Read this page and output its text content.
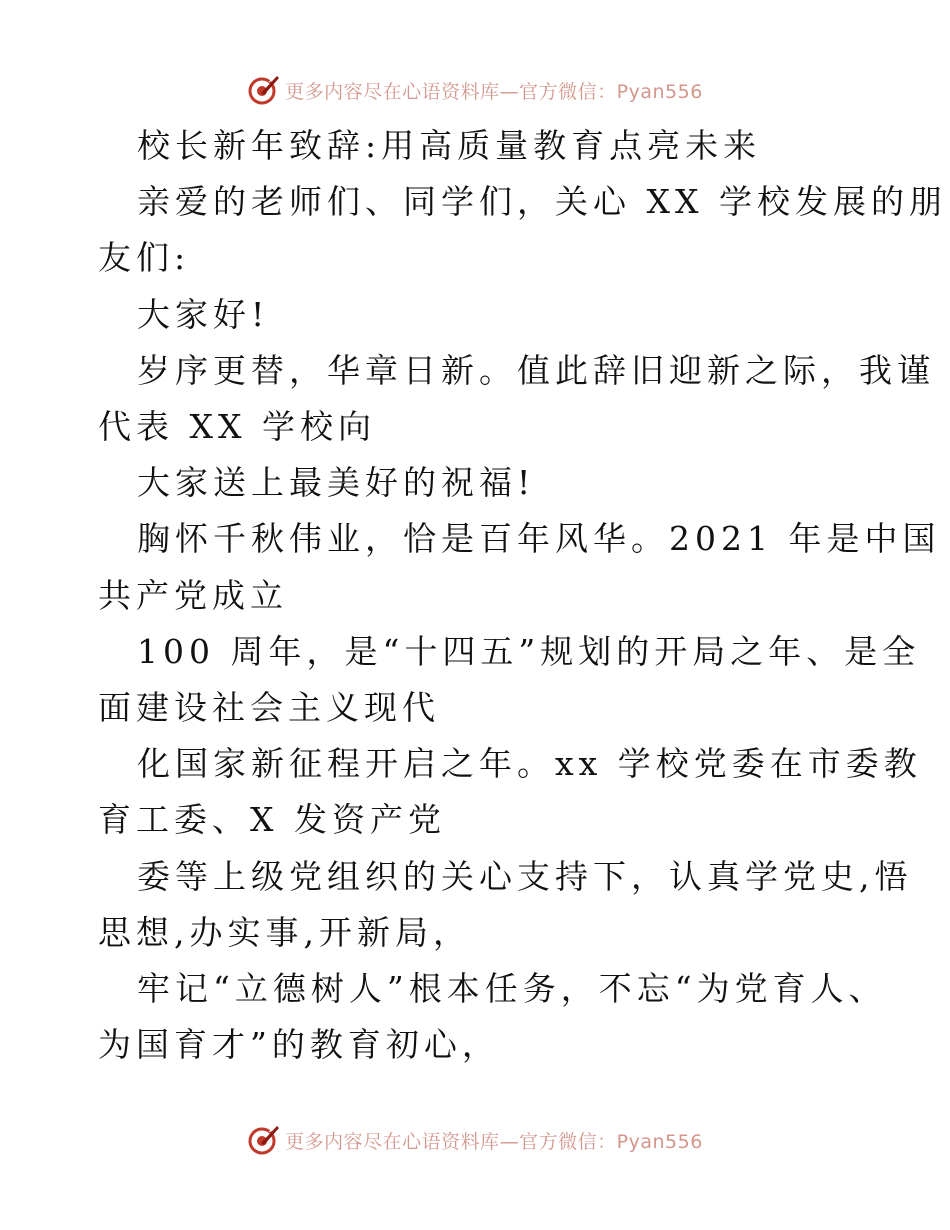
更多内容尽在心语资料库—官方微信：Pyan556
校长新年致辞:用高质量教育点亮未来
亲爱的老师们、同学们，关心 XX 学校发展的朋
友们:
大家好!
岁序更替，华章日新。值此辞旧迎新之际，我谨
代表 XX 学校向
大家送上最美好的祝福!
胸怀千秋伟业，恰是百年风华。2021 年是中国
共产党成立
100 周年，是“十四五”规划的开局之年、是全
面建设社会主义现代
化国家新征程开启之年。xx 学校党委在市委教
育工委、X 发资产党
委等上级党组织的关心支持下，认真学党史,悟
思想,办实事,开新局，
牢记“立德树人”根本任务，不忘“为党育人、
为国育才”的教育初心，
更多内容尽在心语资料库—官方微信：Pyan556
